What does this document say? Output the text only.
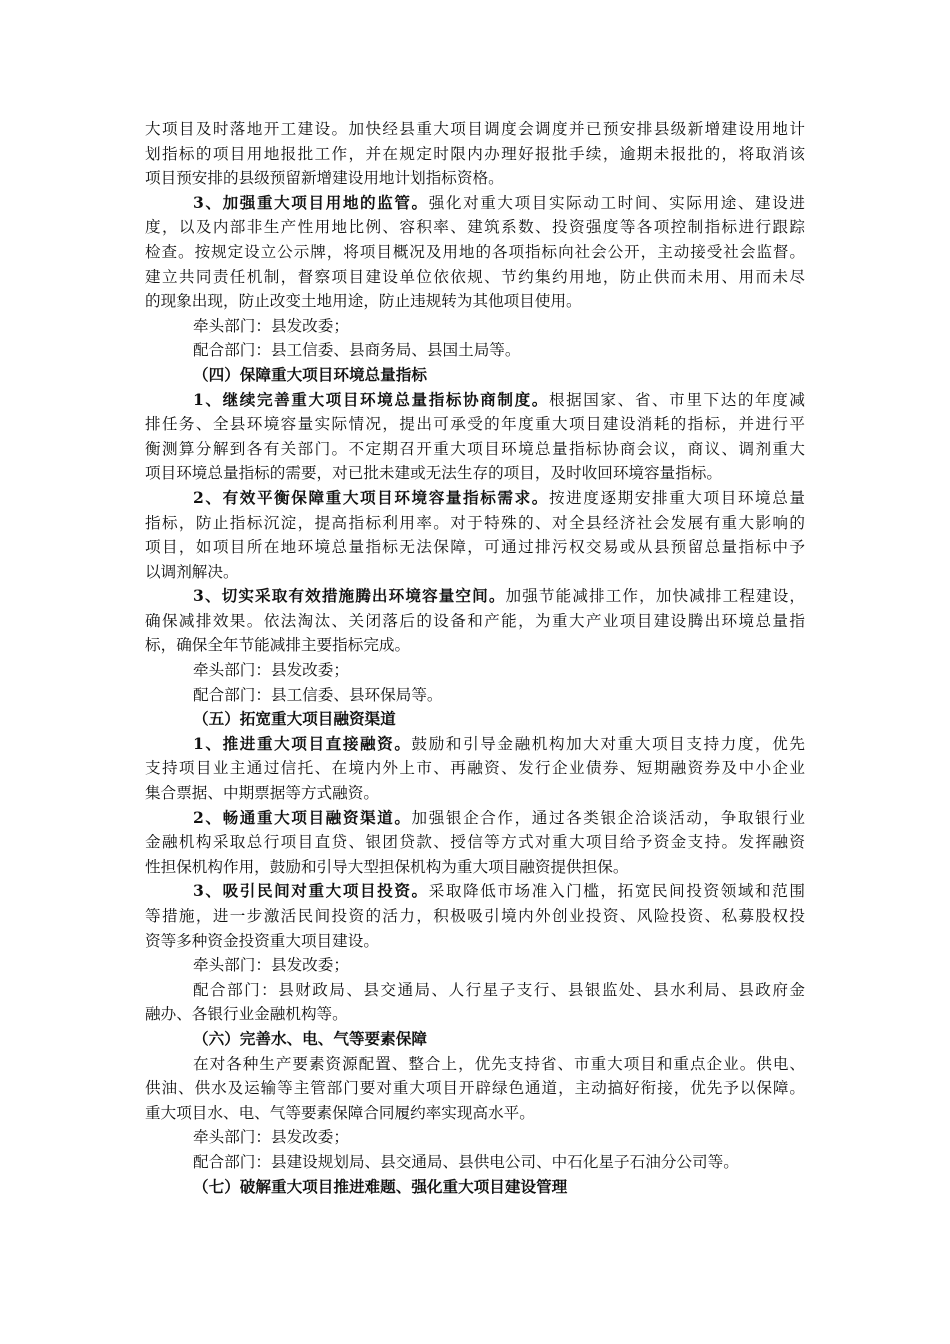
大项目及时落地开工建设。加快经县重大项目调度会调度并已预安排县级新增建设用地计
划指标的项目用地报批工作，并在规定时限内办理好报批手续，逾期未报批的，将取消该
项目预安排的县级预留新增建设用地计划指标资格。
3、加强重大项目用地的监管。强化对重大项目实际动工时间、实际用途、建设进
度，以及内部非生产性用地比例、容积率、建筑系数、投资强度等各项控制指标进行跟踪
检查。按规定设立公示牌，将项目概况及用地的各项指标向社会公开，主动接受社会监督。
建立共同责任机制，督察项目建设单位依依规、节约集约用地，防止供而未用、用而未尽
的现象出现，防止改变土地用途，防止违规转为其他项目使用。
牵头部门：县发改委；
配合部门：县工信委、县商务局、县国土局等。
（四）保障重大项目环境总量指标
1、继续完善重大项目环境总量指标协商制度。根据国家、省、市里下达的年度减
排任务、全县环境容量实际情况，提出可承受的年度重大项目建设消耗的指标，并进行平
衡测算分解到各有关部门。不定期召开重大项目环境总量指标协商会议，商议、调剂重大
项目环境总量指标的需要，对已批未建或无法生存的项目，及时收回环境容量指标。
2、有效平衡保障重大项目环境容量指标需求。按进度逐期安排重大项目环境总量
指标，防止指标沉淀，提高指标利用率。对于特殊的、对全县经济社会发展有重大影响的
项目，如项目所在地环境总量指标无法保障，可通过排污权交易或从县预留总量指标中予
以调剂解决。
3、切实采取有效措施腾出环境容量空间。加强节能减排工作，加快减排工程建设，
确保减排效果。依法淘汰、关闭落后的设备和产能，为重大产业项目建设腾出环境总量指
标，确保全年节能减排主要指标完成。
牵头部门：县发改委；
配合部门：县工信委、县环保局等。
（五）拓宽重大项目融资渠道
1、推进重大项目直接融资。鼓励和引导金融机构加大对重大项目支持力度，优先
支持项目业主通过信托、在境内外上市、再融资、发行企业债券、短期融资券及中小企业
集合票据、中期票据等方式融资。
2、畅通重大项目融资渠道。加强银企合作，通过各类银企洽谈活动，争取银行业
金融机构采取总行项目直贷、银团贷款、授信等方式对重大项目给予资金支持。发挥融资
性担保机构作用，鼓励和引导大型担保机构为重大项目融资提供担保。
3、吸引民间对重大项目投资。采取降低市场准入门槛，拓宽民间投资领域和范围
等措施，进一步激活民间投资的活力，积极吸引境内外创业投资、风险投资、私募股权投
资等多种资金投资重大项目建设。
牵头部门：县发改委；
配合部门：县财政局、县交通局、人行星子支行、县银监处、县水利局、县政府金
融办、各银行业金融机构等。
（六）完善水、电、气等要素保障
在对各种生产要素资源配置、整合上，优先支持省、市重大项目和重点企业。供电、
供油、供水及运输等主管部门要对重大项目开辟绿色通道，主动搞好衔接，优先予以保障。
重大项目水、电、气等要素保障合同履约率实现高水平。
牵头部门：县发改委；
配合部门：县建设规划局、县交通局、县供电公司、中石化星子石油分公司等。
（七）破解重大项目推进难题、强化重大项目建设管理
